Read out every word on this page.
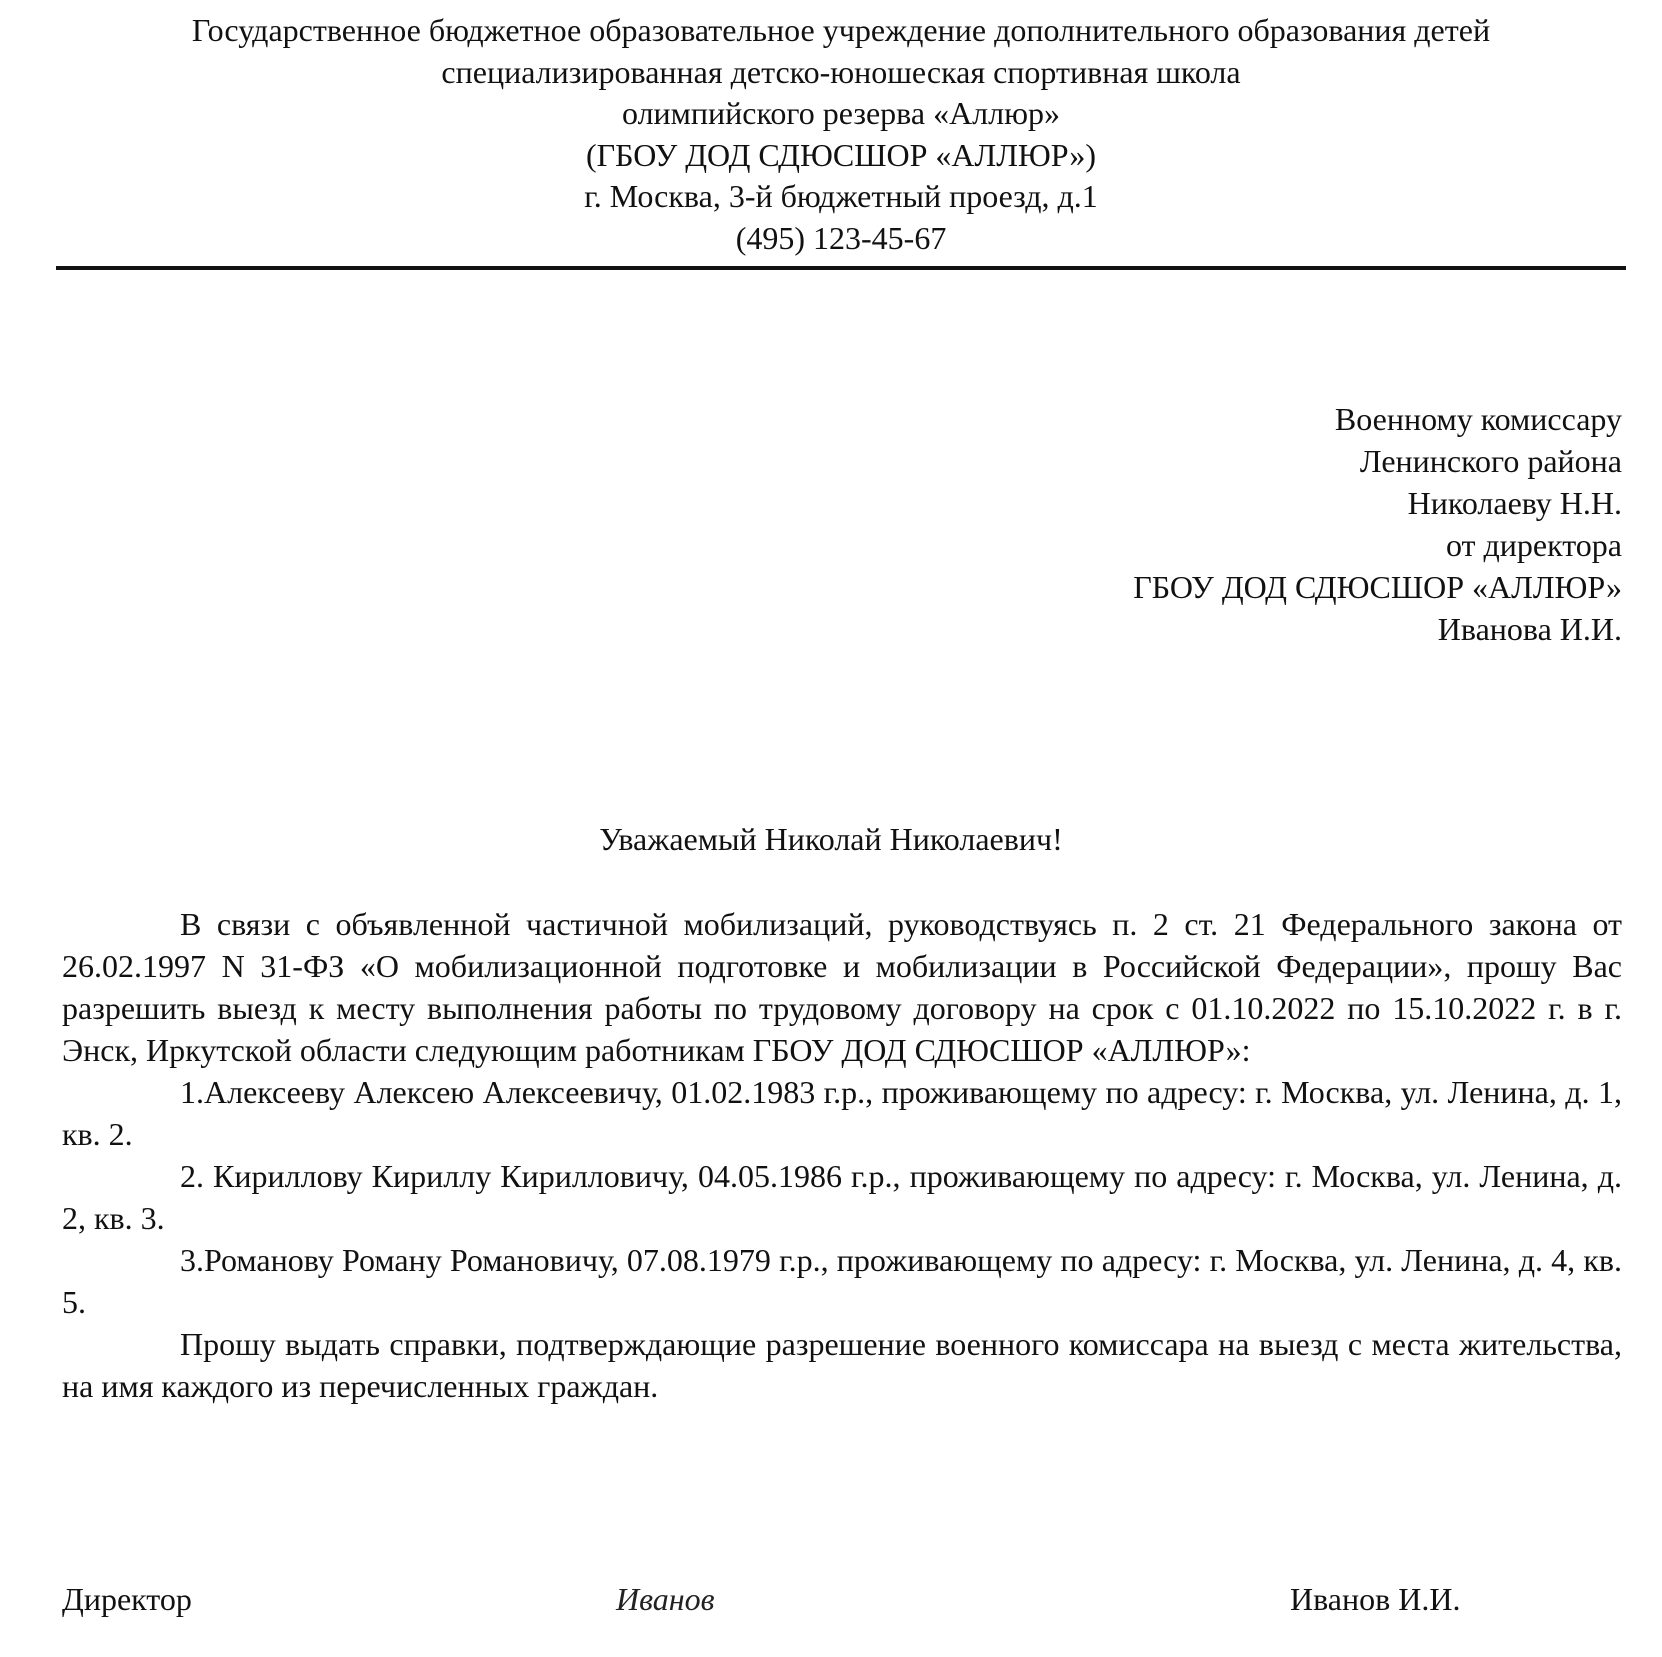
Государственное бюджетное образовательное учреждение дополнительного образования детей
специализированная детско-юношеская спортивная школа
олимпийского резерва «Аллюр»
(ГБОУ ДОД СДЮСШОР «АЛЛЮР»)
г. Москва, 3-й бюджетный проезд, д.1
(495) 123-45-67
Военному комиссару
Ленинского района
Николаеву Н.Н.
от директора
ГБОУ ДОД СДЮСШОР «АЛЛЮР»
Иванова И.И.
Уважаемый Николай Николаевич!

В связи с объявленной частичной мобилизаций, руководствуясь п. 2 ст. 21 Федерального закона от 26.02.1997 N 31-ФЗ «О мобилизационной подготовке и мобилизации в Российской Федерации», прошу Вас разрешить выезд к месту выполнения работы по трудовому договору на срок с 01.10.2022 по 15.10.2022 г. в г. Энск, Иркутской области следующим работникам ГБОУ ДОД СДЮСШОР «АЛЛЮР»:

1.Алексееву Алексею Алексеевичу, 01.02.1983 г.р., проживающему по адресу: г. Москва, ул. Ленина, д. 1, кв. 2.

2. Кириллову Кириллу Кирилловичу, 04.05.1986 г.р., проживающему по адресу: г. Москва, ул. Ленина, д. 2, кв. 3.

3.Романову Роману Романовичу, 07.08.1979 г.р., проживающему по адресу: г. Москва, ул. Ленина, д. 4, кв. 5.

Прошу выдать справки, подтверждающие разрешение военного комиссара на выезд с места жительства, на имя каждого из перечисленных граждан.

Директор	Иванов	Иванов И.И.
